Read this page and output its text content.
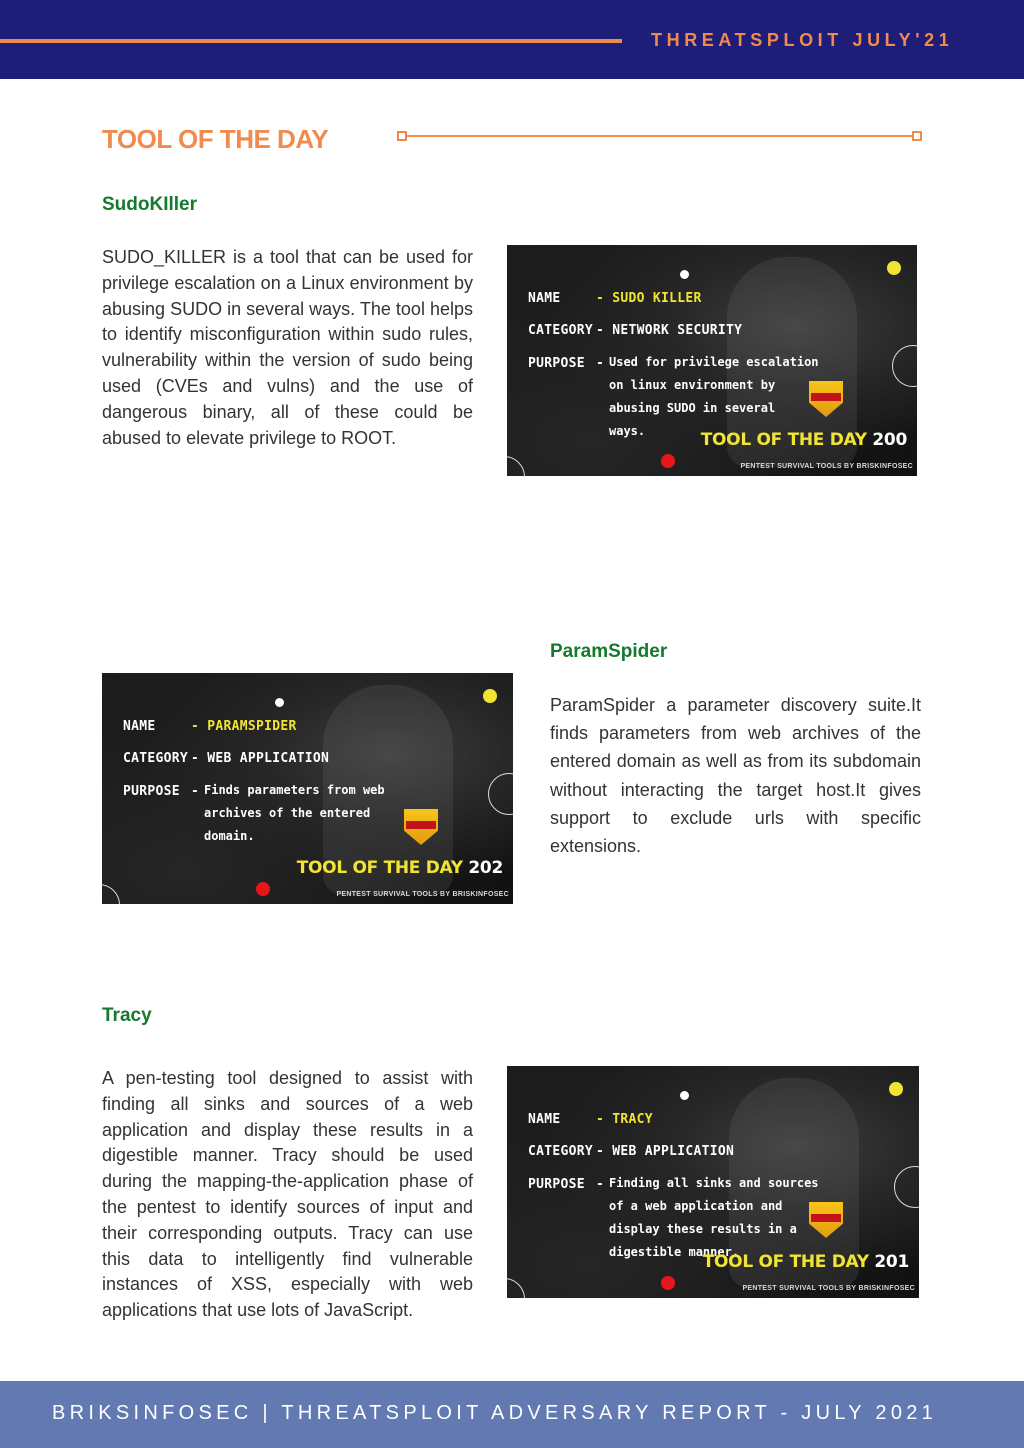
THREATSPLOIT JULY'21
TOOL OF THE DAY
SudoKIller

SUDO_KILLER is a tool that can be used for privilege escalation on a Linux environment by abusing SUDO in several ways. The tool helps to identify misconfiguration within sudo rules, vulnerability within the version of sudo being used (CVEs and vulns) and the use of dangerous binary, all of these could be abused to elevate privilege to ROOT.

NAME	- SUDO KILLER
CATEGORY - NETWORK SECURITY
PURPOSE - Used for privilege escalation
on linux environment by
abusing SUDO in several
ways.	TOOL OF THE DAY 200
PENTEST SURVIVAL TOOLS BY BRISKINFOSEC
NAME	- PARAMSPIDER
CATEGORY - WEB APPLICATION
PURPOSE - Finds parameters from web
archives of the entered
domain.
TOOL OF THE DAY 202
PENTEST SURVIVAL TOOLS BY BRISKINFOSEC
ParamSpider

ParamSpider a parameter discovery suite.It finds parameters from web archives of the entered domain as well as from its subdomain without interacting the target host.It gives support to exclude urls with specific extensions.

Tracy

A pen-testing tool designed to assist with finding all sinks and sources of a web application and display these results in a digestible manner. Tracy should be used during the mapping-the-application phase of the pentest to identify sources of input and their corresponding outputs. Tracy can use this data to intelligently find vulnerable instances of XSS, especially with web applications that use lots of JavaScript.

NAME	- TRACY
CATEGORY - WEB APPLICATION
PURPOSE - Finding all sinks and sources
of a web application and
display these results in a
digestible manner.
TOOL OF THE DAY 201
PENTEST SURVIVAL TOOLS BY BRISKINFOSEC
BRIKSINFOSEC | THREATSPLOIT ADVERSARY REPORT - JULY 2021
